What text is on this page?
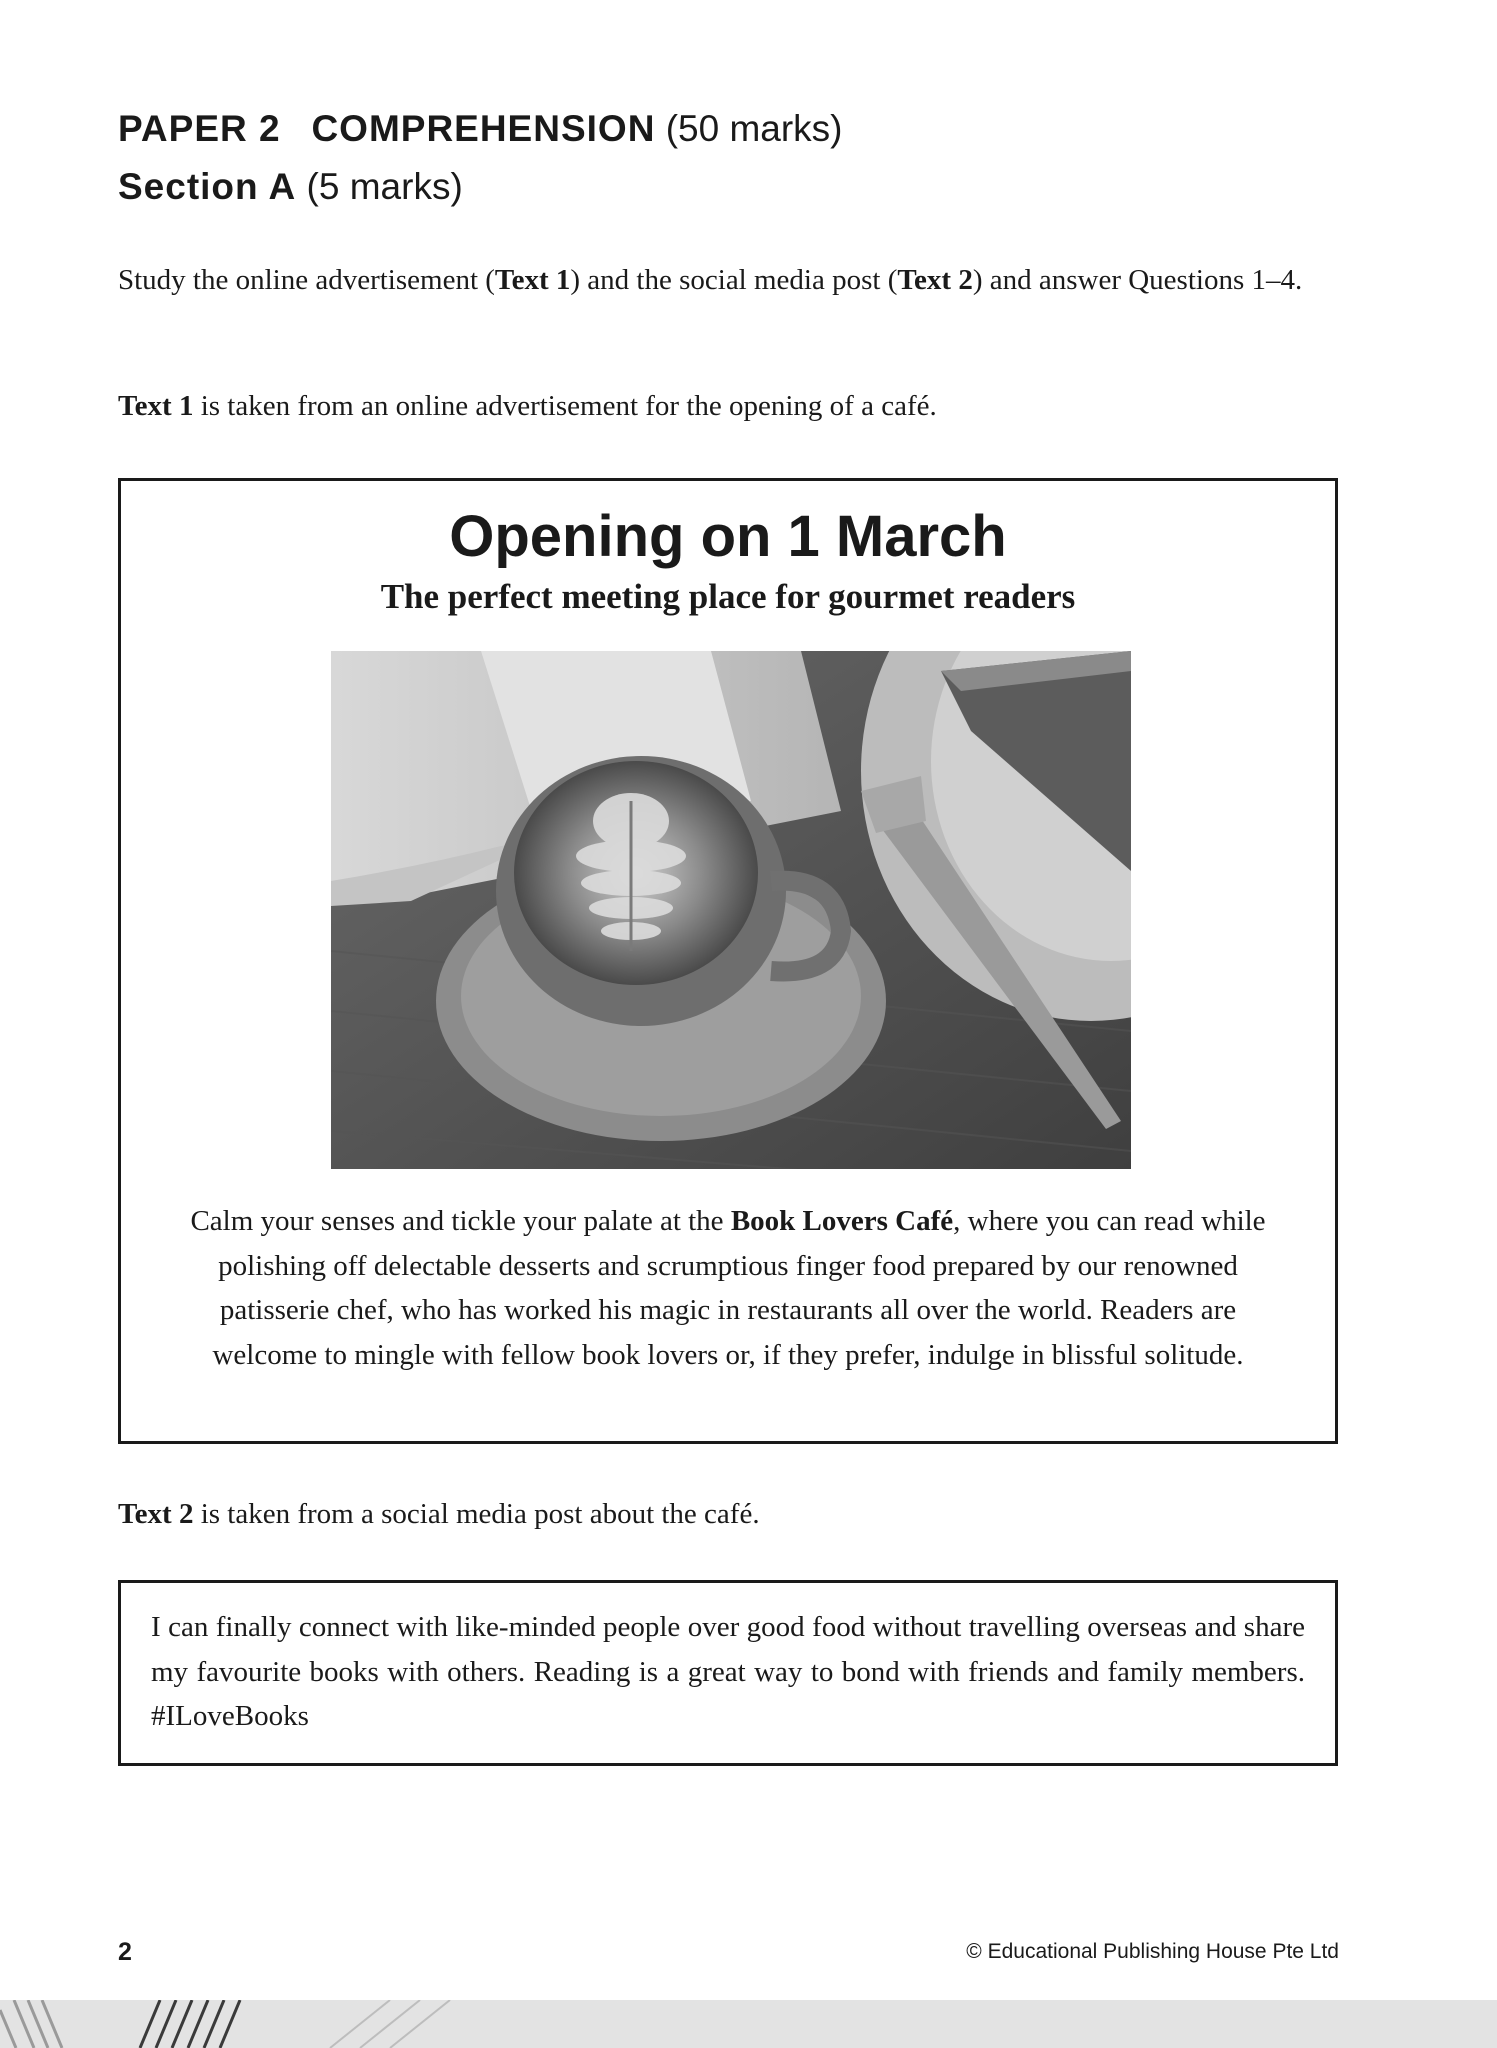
PAPER 2 COMPREHENSION (50 marks)
Section A (5 marks)
Study the online advertisement (Text 1) and the social media post (Text 2) and answer Questions 1–4.
Text 1 is taken from an online advertisement for the opening of a café.
Opening on 1 March
The perfect meeting place for gourmet readers
Calm your senses and tickle your palate at the Book Lovers Café, where you can read while polishing off delectable desserts and scrumptious finger food prepared by our renowned patisserie chef, who has worked his magic in restaurants all over the world. Readers are welcome to mingle with fellow book lovers or, if they prefer, indulge in blissful solitude.
Text 2 is taken from a social media post about the café.
I can finally connect with like-minded people over good food without travelling overseas and share my favourite books with others. Reading is a great way to bond with friends and family members. #ILoveBooks
2	© Educational Publishing House Pte Ltd
